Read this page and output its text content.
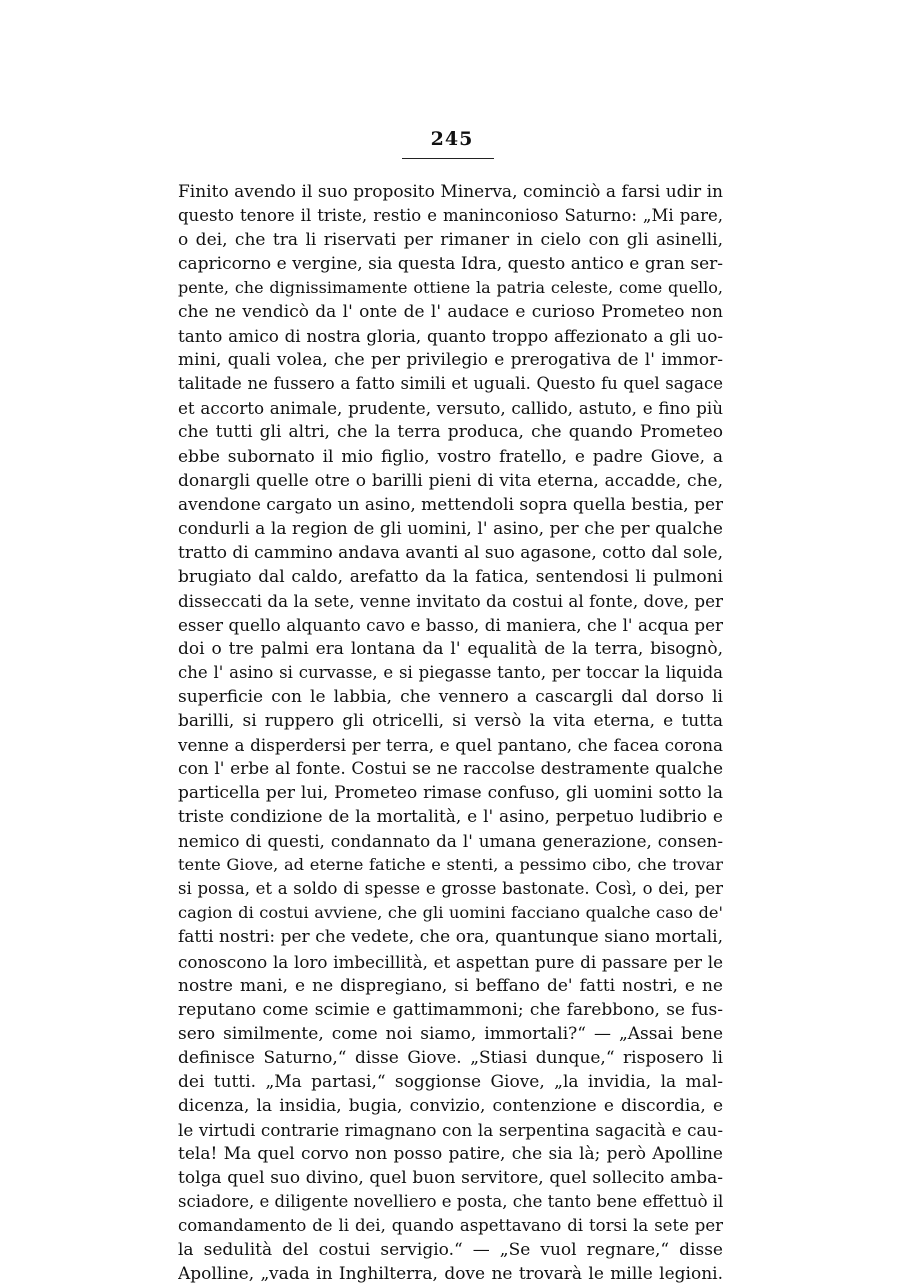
245
Finito avendo il suo proposito Minerva, cominciò a farsi udir in
questo tenore il triste, restio e maninconioso Saturno: „Mi pare,
o dei, che tra li riservati per rimaner in cielo con gli asinelli,
capricorno e vergine, sia questa Idra, questo antico e gran ser-
pente, che dignissimamente ottiene la patria celeste, come quello,
che ne vendicò da l' onte de l' audace e curioso Prometeo non
tanto amico di nostra gloria, quanto troppo affezionato a gli uo-
mini, quali volea, che per privilegio e prerogativa de l' immor-
talitade ne fussero a fatto simili et uguali. Questo fu quel sagace
et accorto animale, prudente, versuto, callido, astuto, e fino più
che tutti gli altri, che la terra produca, che quando Prometeo
ebbe subornato il mio figlio, vostro fratello, e padre Giove, a
donargli quelle otre o barilli pieni di vita eterna, accadde, che,
avendone cargato un asino, mettendoli sopra quella bestia, per
condurli a la region de gli uomini, l' asino, per che per qualche
tratto di cammino andava avanti al suo agasone, cotto dal sole,
brugiato dal caldo, arefatto da la fatica, sentendosi li pulmoni
disseccati da la sete, venne invitato da costui al fonte, dove, per
esser quello alquanto cavo e basso, di maniera, che l' acqua per
doi o tre palmi era lontana da l' equalità de la terra, bisognò,
che l' asino si curvasse, e si piegasse tanto, per toccar la liquida
superficie con le labbia, che vennero a cascargli dal dorso li
barilli, si ruppero gli otricelli, si versò la vita eterna, e tutta
venne a disperdersi per terra, e quel pantano, che facea corona
con l' erbe al fonte. Costui se ne raccolse destramente qualche
particella per lui, Prometeo rimase confuso, gli uomini sotto la
triste condizione de la mortalità, e l' asino, perpetuo ludibrio e
nemico di questi, condannato da l' umana generazione, consen-
tente Giove, ad eterne fatiche e stenti, a pessimo cibo, che trovar
si possa, et a soldo di spesse e grosse bastonate. Così, o dei, per
cagion di costui avviene, che gli uomini facciano qualche caso de'
fatti nostri: per che vedete, che ora, quantunque siano mortali,
conoscono la loro imbecillità, et aspettan pure di passare per le
nostre mani, e ne dispregiano, si beffano de' fatti nostri, e ne
reputano come scimie e gattimammoni; che farebbono, se fus-
sero similmente, come noi siamo, immortali?“ — „Assai bene
definisce Saturno,“ disse Giove. „Stiasi dunque,“ risposero li
dei tutti. „Ma partasi,“ soggionse Giove, „la invidia, la mal-
dicenza, la insidia, bugia, convizio, contenzione e discordia, e
le virtudi contrarie rimagnano con la serpentina sagacità e cau-
tela! Ma quel corvo non posso patire, che sia là; però Apolline
tolga quel suo divino, quel buon servitore, quel sollecito amba-
sciadore, e diligente novelliero e posta, che tanto bene effettuò il
comandamento de li dei, quando aspettavano di torsi la sete per
la sedulità del costui servigio.“ — „Se vuol regnare,“ disse
Apolline, „vada in Inghilterra, dove ne trovarà le mille legioni.
